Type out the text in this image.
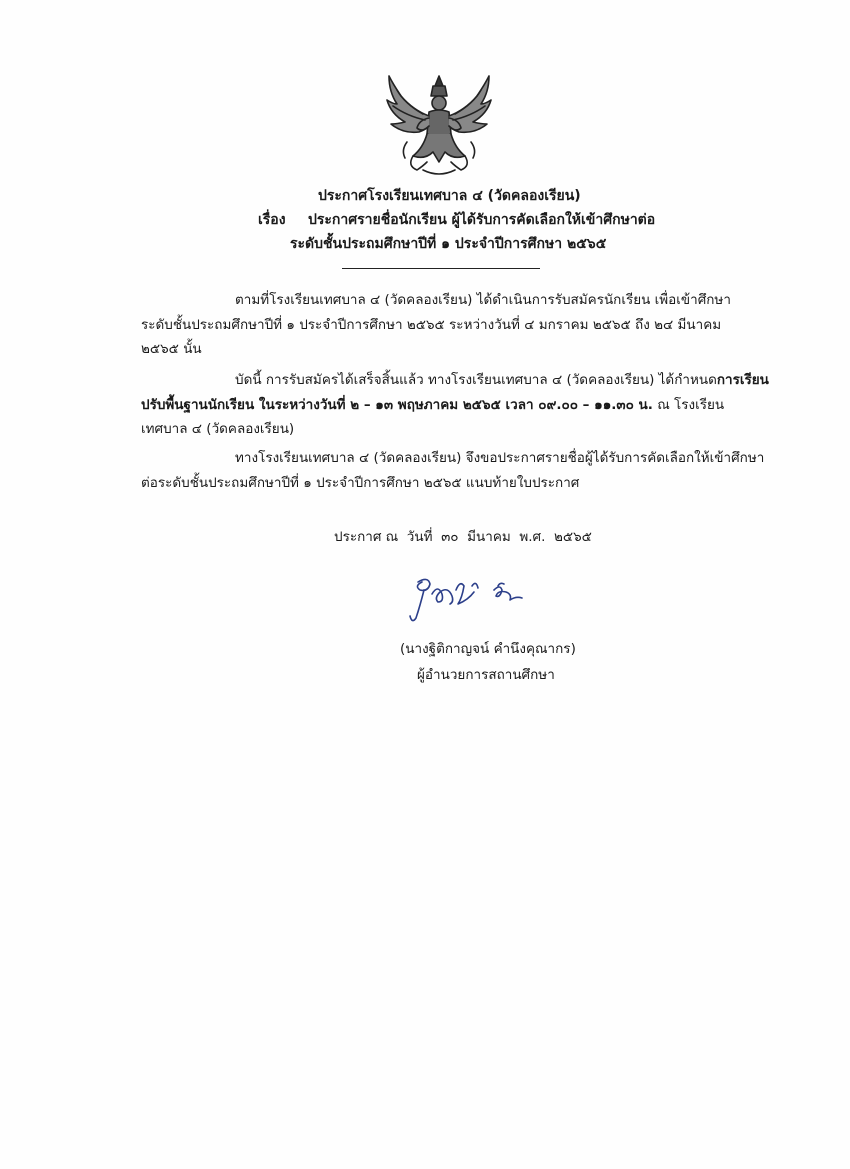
ประกาศโรงเรียนเทศบาล ๔ (วัดคลองเรียน)
เรื่อง ประกาศรายชื่อนักเรียน ผู้ได้รับการคัดเลือกให้เข้าศึกษาต่อ
ระดับชั้นประถมศึกษาปีที่ ๑ ประจำปีการศึกษา ๒๕๖๕
ตามที่โรงเรียนเทศบาล ๔ (วัดคลองเรียน) ได้ดำเนินการรับสมัครนักเรียน เพื่อเข้าศึกษา
ระดับชั้นประถมศึกษาปีที่ ๑ ประจำปีการศึกษา ๒๕๖๕ ระหว่างวันที่ ๔ มกราคม ๒๕๖๕ ถึง ๒๔ มีนาคม
๒๕๖๕ นั้น
บัดนี้ การรับสมัครได้เสร็จสิ้นแล้ว ทางโรงเรียนเทศบาล ๔ (วัดคลองเรียน) ได้กำหนดการเรียน
ปรับพื้นฐานนักเรียน ในระหว่างวันที่ ๒ – ๑๓ พฤษภาคม ๒๕๖๕ เวลา ๐๙.๐๐ – ๑๑.๓๐ น. ณ โรงเรียน
เทศบาล ๔ (วัดคลองเรียน)
ทางโรงเรียนเทศบาล ๔ (วัดคลองเรียน) จึงขอประกาศรายชื่อผู้ได้รับการคัดเลือกให้เข้าศึกษา
ต่อระดับชั้นประถมศึกษาปีที่ ๑ ประจำปีการศึกษา ๒๕๖๕ แนบท้ายใบประกาศ
ประกาศ ณ  วันที่  ๓๐  มีนาคม  พ.ศ.  ๒๕๖๕
(นางฐิติกาญจน์ คำนึงคุณากร)
ผู้อำนวยการสถานศึกษา
